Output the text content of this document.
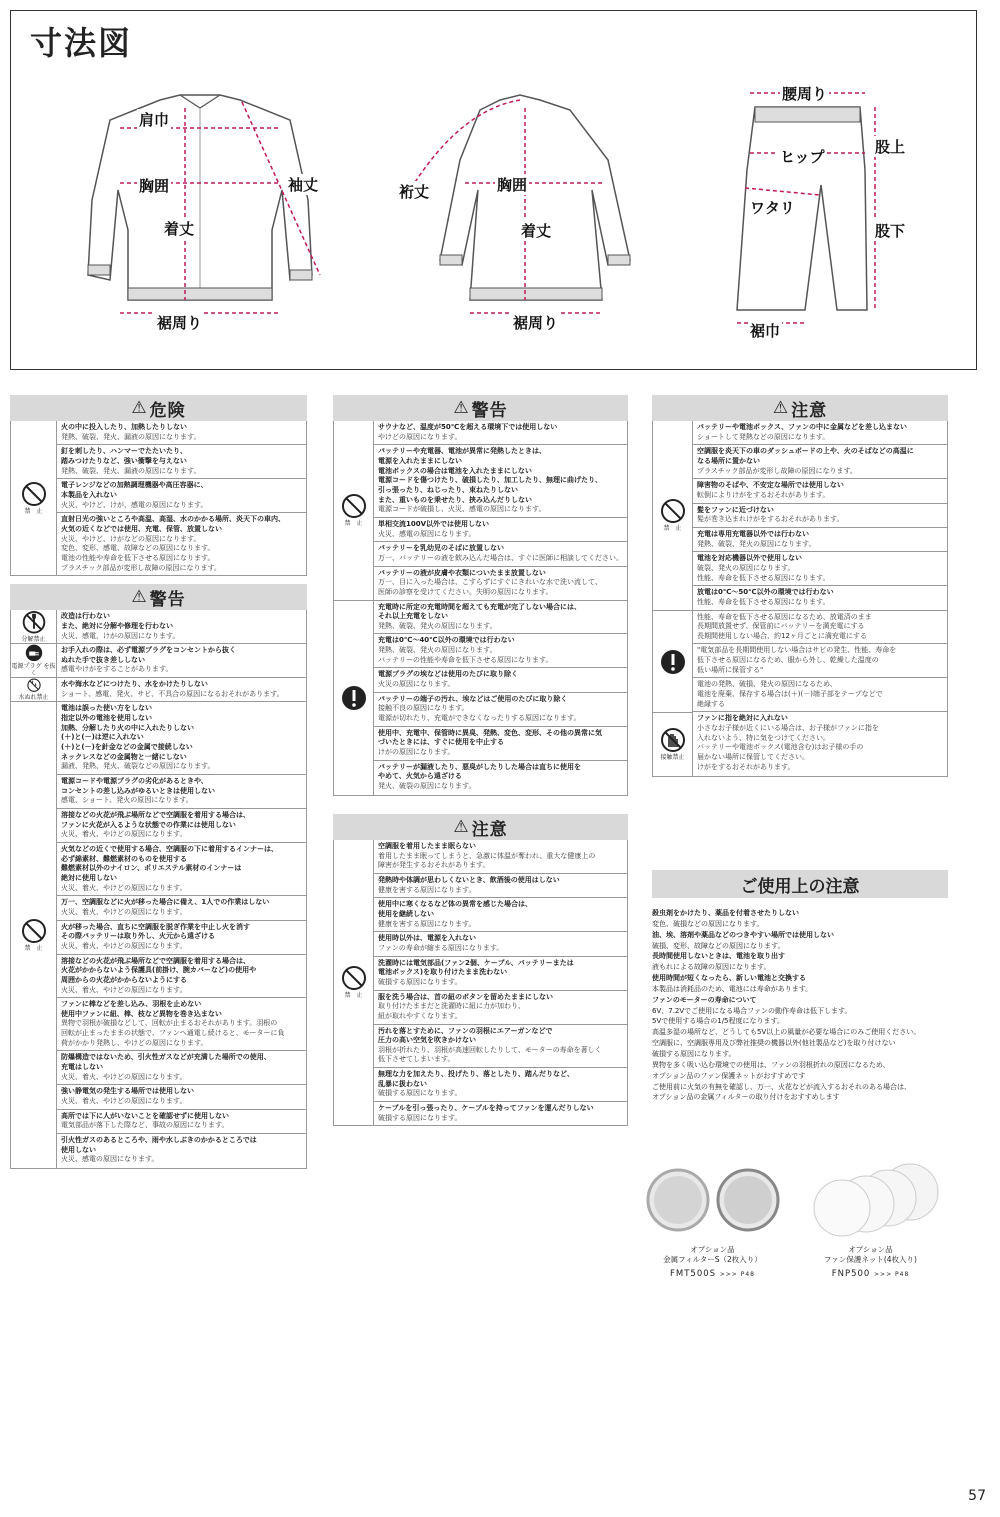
寸法図
肩巾
胸囲	袖丈
着丈
裾周り
裄丈	胸囲
着丈
裾周り
腰周り
股上
ヒップ
ワタリ
股下
裾巾
⚠ 危険
禁　止
火の中に投入したり、加熱したりしない
発熱、破裂、発火、漏液の原因になります。
釘を刺したり、ハンマーでたたいたり、
踏みつけたりなど、強い衝撃を与えない
発熱、破裂、発火、漏液の原因になります。
電子レンジなどの加熱調理機器や高圧容器に、
本製品を入れない
火災、やけど、けが、感電の原因になります。
直射日光の強いところや高温、高湿、水のかかる場所、炎天下の車内、
火気の近くなどでは使用、充電、保管、放置しない
火災、やけど、けがなどの原因になります。
変色、変形、感電、故障などの原因になります。
電池の性能や寿命を低下させる原因になります。
プラスチック部品が変形し故障の原因になります。
⚠ 警告
分解禁止
電源プラグ を抜く
水ぬれ禁止
禁　止
改造は行わない
また、絶対に分解や修理を行わない
火災、感電、けがの原因になります。
お手入れの際は、必ず電源プラグをコンセントから抜く
ぬれた手で抜き差ししない
感電やけがをすることがあります。
水や海水などにつけたり、水をかけたりしない
ショート、感電、発火、サビ、不具合の原因になるおそれがあります。
電池は誤った使い方をしない
指定以外の電池を使用しない
加熱、分解したり火の中に入れたりしない
(＋)と(－)は逆に入れない
(＋)と(－)を針金などの金属で接続しない
ネックレスなどの金属物と一緒にしない
漏液、発熱、発火、破裂などの原因になります。
電源コードや電源プラグの劣化があるときや、
コンセントの差し込みがゆるいときは使用しない
感電、ショート、発火の原因になります。
溶接などの火花が飛ぶ場所などで空調服を着用する場合は、
ファンに火花が入るような状態での作業には使用しない
火災、着火、やけどの原因になります。
火気などの近くで使用する場合、空調服の下に着用するインナーは、
必ず綿素材、難燃素材のものを使用する
難燃素材以外のナイロン、ポリエステル素材のインナーは
絶対に使用しない
火災、着火、やけどの原因になります。
万一、空調服などに火が移った場合に備え、1人での作業はしない
火災、着火、やけどの原因になります。
火が移った場合、直ちに空調服を脱ぎ作業を中止し火を消す
その際バッテリーは取り外し、火元から遠ざける
火災、着火、やけどの原因になります。
溶接などの火花が飛ぶ場所などで空調服を着用する場合は、
火花がかからないよう保護具(前掛け、腕カバーなど)の使用や
周囲からの火花がかからないようにする
火災、着火、やけどの原因になります。
ファンに棒などを差し込み、羽根を止めない
使用中ファンに紐、棒、枝など異物を巻き込まない
異物で羽根が破損などして、回転が止まるおそれがあります。羽根の
回転が止まったままの状態で、ファンへ通電し続けると、モーターに負
荷がかかり発熱し、やけどの原因になります。
防爆構造ではないため、引火性ガスなどが充満した場所での使用、
充電はしない
火災、着火、やけどの原因になります。
強い静電気の発生する場所では使用しない
火災、着火、やけどの原因になります。
高所では下に人がいないことを確認せずに使用しない
電気部品が落下した際など、事故の原因になります。
引火性ガスのあるところや、雨や水しぶきのかかるところでは
使用しない
火災、感電の原因になります。
⚠ 警告
禁　止
サウナなど、温度が50℃を超える環境下では使用しない
やけどの原因になります。
バッテリーや充電器、電池が異常に発熱したときは、
電源を入れたままにしない
電池ボックスの場合は電池を入れたままにしない
電源コードを傷つけたり、破損したり、加工したり、無理に曲げたり、
引っ張ったり、ねじったり、束ねたりしない
また、重いものを乗せたり、挟み込んだりしない
電源コードが破損し、火災、感電の原因になります。
単相交流100V以外では使用しない
火災、感電の原因になります。
バッテリーを乳幼児のそばに放置しない
万一、バッテリーの液を飲み込んだ場合は、すぐに医師に相談してください。
バッテリーの液が皮膚や衣類についたまま放置しない
万一、目に入った場合は、こすらずにすぐにきれいな水で洗い流して、
医師の診察を受けてください。失明の原因になります。
充電時に所定の充電時間を超えても充電が完了しない場合には、
それ以上充電をしない
発熱、破裂、発火の原因になります。
充電は0℃～40℃以外の環境では行わない
発熱、破裂、発火の原因になります。
バッテリーの性能や寿命を低下させる原因になります。
電源プラグの埃などは使用のたびに取り除く
火災の原因になります。
バッテリーの端子の汚れ、埃などはご使用のたびに取り除く
接触不良の原因になります。
電源が切れたり、充電ができなくなったりする原因になります。
使用中、充電中、保管時に異臭、発熱、変色、変形、その他の異常に気
づいたときには、すぐに使用を中止する
けがの原因になります。
バッテリーが漏液したり、悪臭がしたりした場合は直ちに使用を
やめて、火気から遠ざける
発火、破裂の原因になります。
⚠ 注意
禁　止
空調服を着用したまま眠らない
着用したまま眠ってしまうと、急激に体温が奪われ、重大な健康上の
障害が発生するおそれがあります。
発熱時や体調が思わしくないとき、飲酒後の使用はしない
健康を害する原因になります。
使用中に寒くなるなど体の異常を感じた場合は、
使用を継続しない
健康を害する原因になります。
使用時以外は、電源を入れない
ファンの寿命が縮まる原因になります。
洗濯時には電気部品(ファン2個、ケーブル、バッテリーまたは
電池ボックス)を取り付けたまま洗わない
破損する原因になります。
服を洗う場合は、首の紐のボタンを留めたままにしない
取り付けたままだと洗濯時に紐に力が加わり、
紐が取れやすくなります。
汚れを落とすために、ファンの羽根にエアーガンなどで
圧力の高い空気を吹きかけない
羽根が折れたり、羽根が高速回転したりして、モーターの寿命を著しく
低下させてしまいます。
無理な力を加えたり、投げたり、落としたり、踏んだりなど、
乱暴に扱わない
破損する原因になります。
ケーブルを引っ張ったり、ケーブルを持ってファンを運んだりしない
破損する原因になります。
⚠ 注意
禁　止
接触禁止
バッテリーや電池ボックス、ファンの中に金属などを差し込まない
ショートして発熱などの原因になります。
空調服を炎天下の車のダッシュボードの上や、火のそばなどの高温に
なる場所に置かない
プラスチック部品が変形し故障の原因になります。
障害物のそばや、不安定な場所では使用しない
転倒によりけがをするおそれがあります。
髪をファンに近づけない
髪が巻き込まれけがをするおそれがあります。
充電は専用充電器以外では行わない
発熱、破裂、発火の原因になります。
電池を対応機器以外で使用しない
破裂、発火の原因になります。
性能、寿命を低下させる原因になります。
放電は0℃～50℃以外の環境では行わない
性能、寿命を低下させる原因になります。
性能、寿命を低下させる原因になるため、放電済のまま
長期間放置せず、保管前にバッテリーを満充電にする
長期間使用しない場合、約12ヶ月ごとに満充電にする
"電気部品を長期間使用しない場合はサビの発生、性能、寿命を
低下させる原因になるため、服から外し、乾燥した温度の
低い場所に保管する"
電池の発熱、破損、発火の原因になるため、
電池を廃棄、保存する場合は(＋)(－)端子部をテープなどで
絶縁する
ファンに指を絶対に入れない
小さなお子様が近くにいる場合は、お子様がファンに指を
入れないよう、特に気をつけてください。
バッテリーや電池ボックス(電池含む)はお子様の手の
届かない場所に保管してください。
けがをするおそれがあります。
ご使用上の注意
殺虫剤をかけたり、薬品を付着させたりしない
変色、破損などの原因になります。
油、埃、溶剤や薬品などのつきやすい場所では使用しない
破損、変形、故障などの原因になります。
長時間使用しないときは、電池を取り出す
液もれによる故障の原因になります。
使用時間が短くなったら、新しい電池と交換する
本製品は消耗品のため、電池には寿命があります。
ファンのモーターの寿命について
6V、7.2Vでご使用になる場合ファンの動作寿命は低下します。
5Vで使用する場合の1/5程度になります。
高温多湿の場所など、どうしても5V以上の風量が必要な場合にのみご使用ください。
空調服に、空調服専用及び弊社推奨の機器以外(他社製品など)を取り付けない
破損する原因になります。
異物を多く吸い込む環境での使用は、ファンの羽根折れの原因になるため、
オプション品のファン保護ネットがおすすめです
ご使用前に火気の有無を確認し、万一、火花などが流入するおそれのある場合は、
オプション品の金属フィルターの取り付けをおすすめします
オプション品
金属フィルターS（2枚入り）
FMT500S >>> P48
オプション品
ファン保護ネット(4枚入り)
FNP500 >>> P48
57
